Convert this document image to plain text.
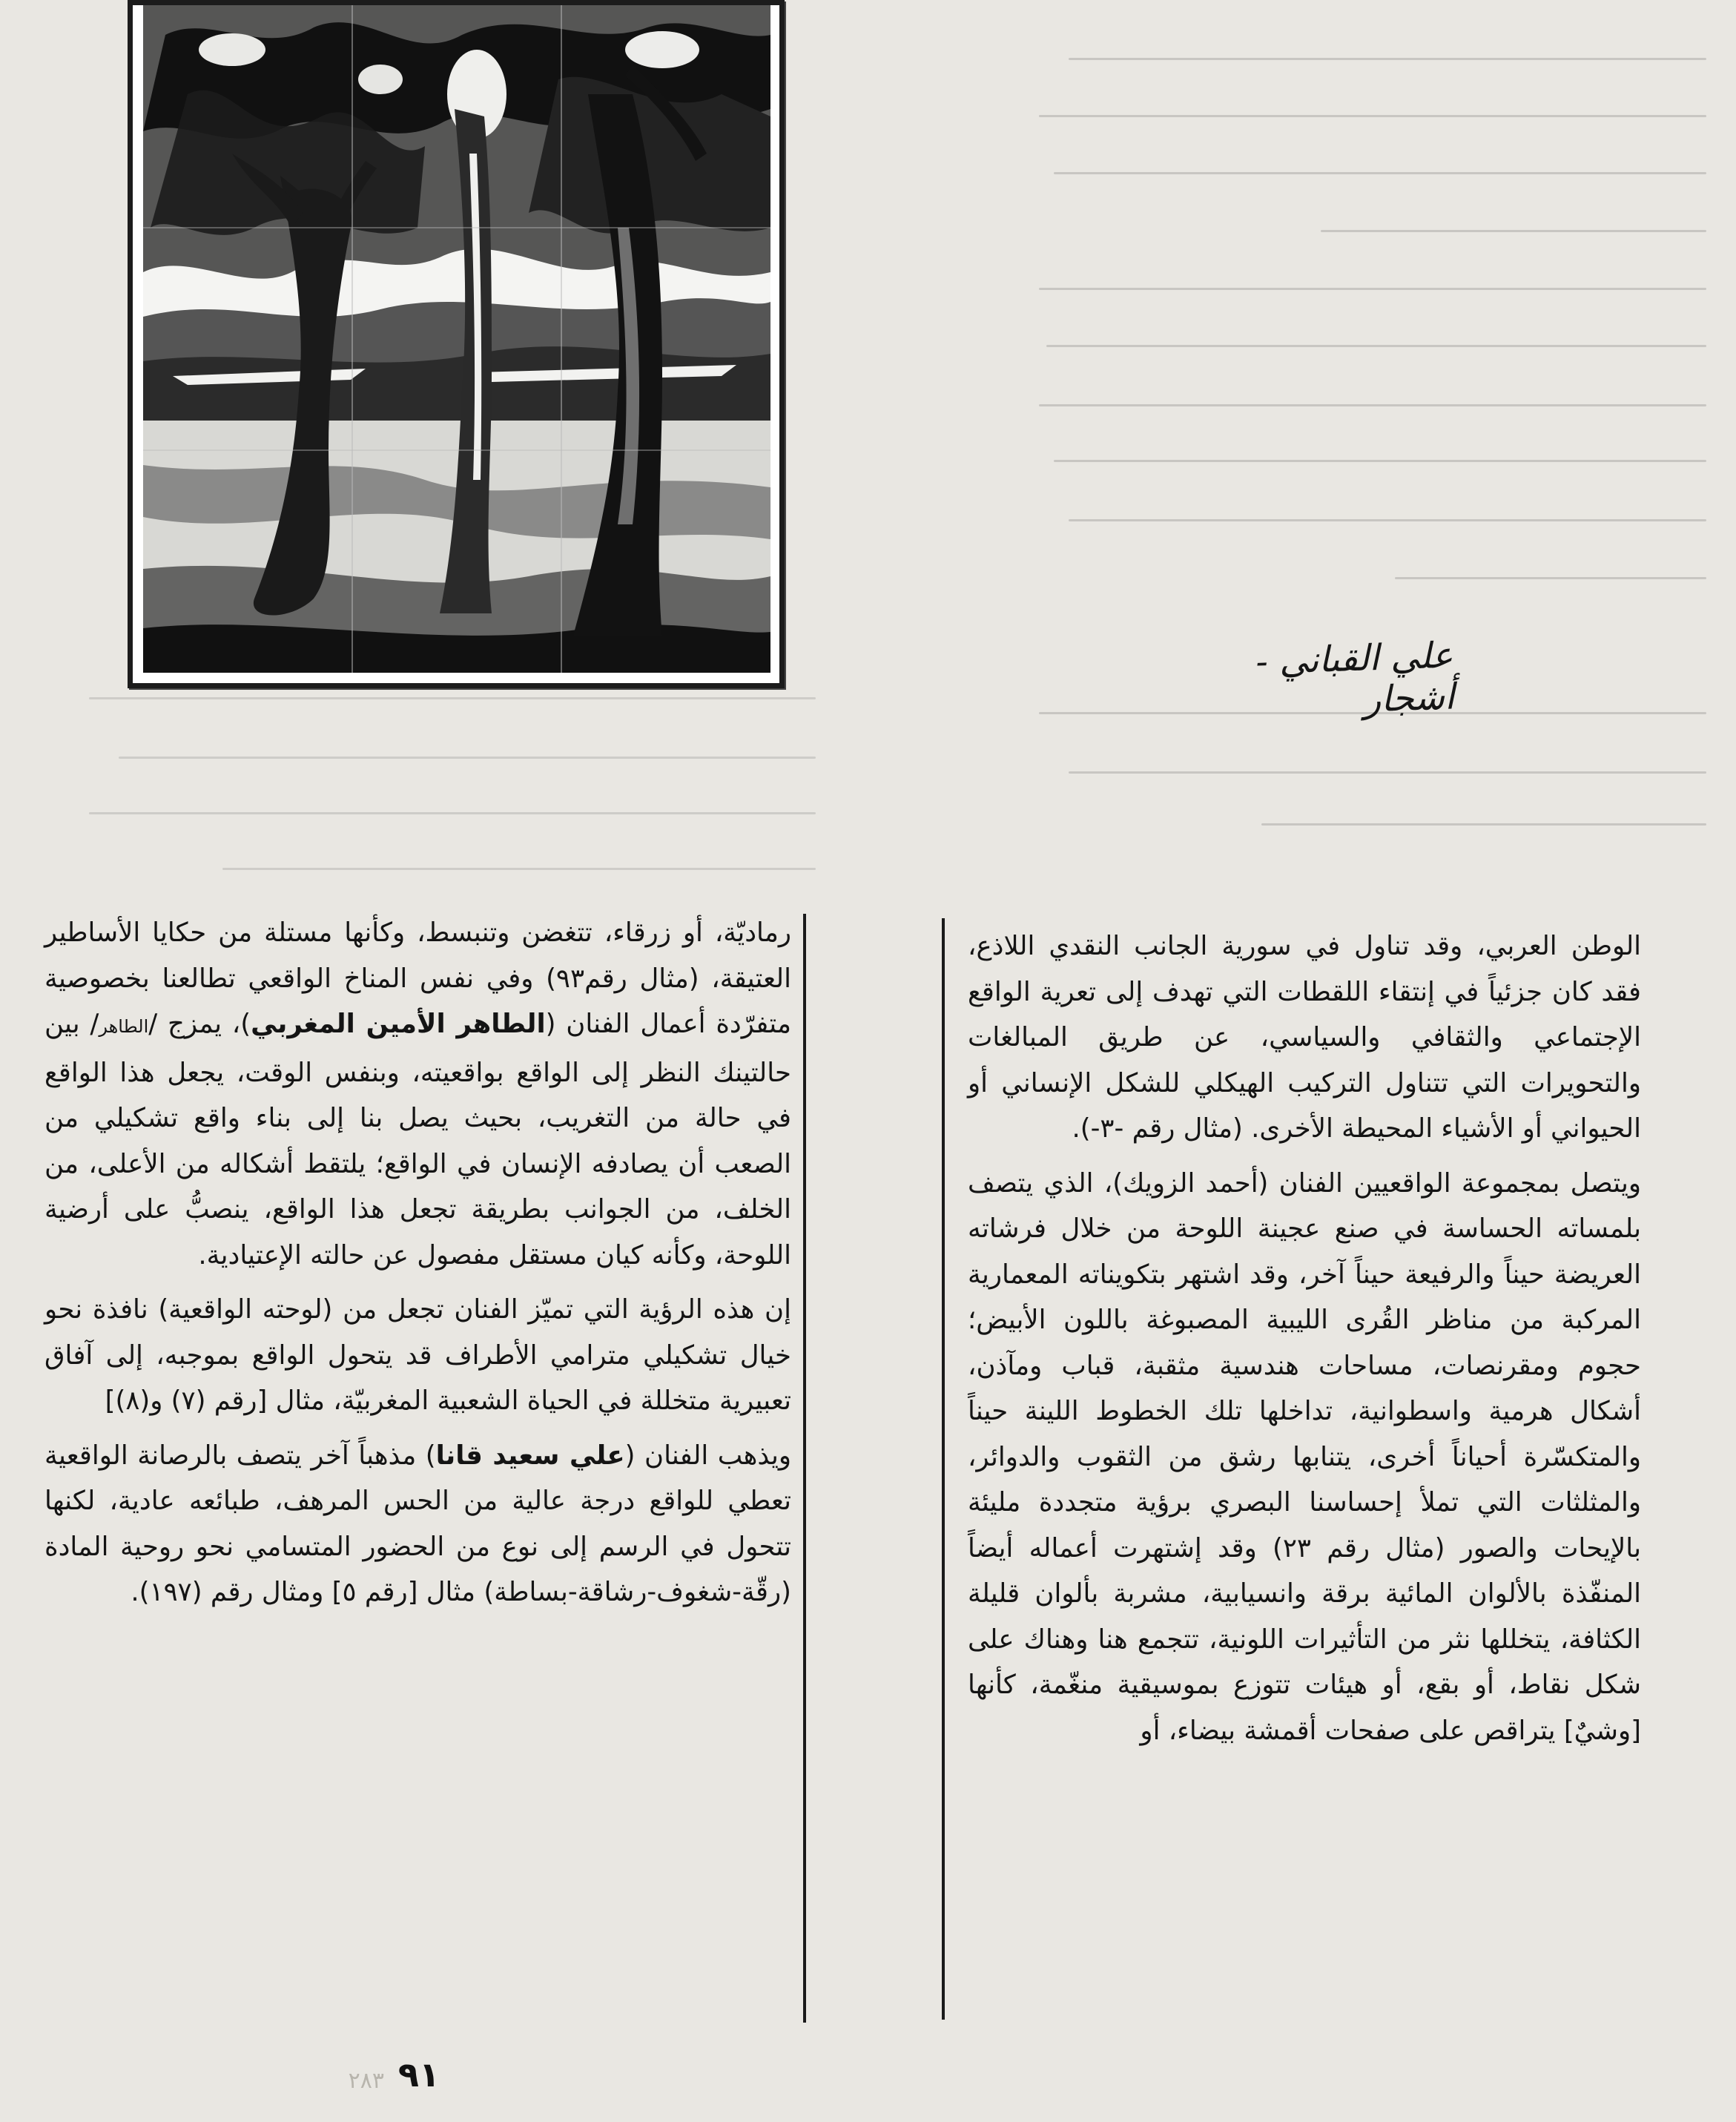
علي القباني - أشجار

الوطن العربي، وقد تناول في سورية الجانب النقدي اللاذع، فقد كان جزئياً في إنتقاء اللقطات التي تهدف إلى تعرية الواقع الإجتماعي والثقافي والسياسي، عن طريق المبالغات والتحويرات التي تتناول التركيب الهيكلي للشكل الإنساني أو الحيواني أو الأشياء المحيطة الأخرى. (مثال رقم -٣-).

ويتصل بمجموعة الواقعيين الفنان (أحمد الزويك)، الذي يتصف بلمساته الحساسة في صنع عجينة اللوحة من خلال فرشاته العريضة حيناً والرفيعة حيناً آخر، وقد اشتهر بتكويناته المعمارية المركبة من مناظر القُرى الليبية المصبوغة باللون الأبيض؛ حجوم ومقرنصات، مساحات هندسية مثقبة، قباب ومآذن، أشكال هرمية واسطوانية، تداخلها تلك الخطوط اللينة حيناً والمتكسّرة أحياناً أخرى، يتنابها رشق من الثقوب والدوائر، والمثلثات التي تملأ إحساسنا البصري برؤية متجددة مليئة بالإيحات والصور (مثال رقم ٢٣) وقد إشتهرت أعماله أيضاً المنفّذة بالألوان المائية برقة وانسيابية، مشربة بألوان قليلة الكثافة، يتخللها نثر من التأثيرات اللونية، تتجمع هنا وهناك على شكل نقاط، أو بقع، أو هيئات تتوزع بموسيقية منغّمة، كأنها [وشيٌ] يتراقص على صفحات أقمشة بيضاء، أو

رماديّة، أو زرقاء، تتغضن وتنبسط، وكأنها مستلة من حكايا الأساطير العتيقة، (مثال رقم٩٣) وفي نفس المناخ الواقعي تطالعنا بخصوصية متفرّدة أعمال الفنان (الطاهر الأمين المغربي)، يمزج /الطاهر/ بين حالتينك النظر إلى الواقع بواقعيته، وبنفس الوقت، يجعل هذا الواقع في حالة من التغريب، بحيث يصل بنا إلى بناء واقع تشكيلي من الصعب أن يصادفه الإنسان في الواقع؛ يلتقط أشكاله من الأعلى، من الخلف، من الجوانب بطريقة تجعل هذا الواقع، ينصبُّ على أرضية اللوحة، وكأنه كيان مستقل مفصول عن حالته الإعتيادية.

إن هذه الرؤية التي تميّز الفنان تجعل من (لوحته الواقعية) نافذة نحو خيال تشكيلي مترامي الأطراف قد يتحول الواقع بموجبه، إلى آفاق تعبيرية متخللة في الحياة الشعبية المغربيّة، مثال [رقم (٧) و(٨)]

ويذهب الفنان (علي سعيد قانا) مذهباً آخر يتصف بالرصانة الواقعية تعطي للواقع درجة عالية من الحس المرهف، طبائعه عادية، لكنها تتحول في الرسم إلى نوع من الحضور المتسامي نحو روحية المادة (رقّة-شغوف-رشاقة-بساطة) مثال [رقم ٥] ومثال رقم (١٩٧).

٢٨٣ ٩١
